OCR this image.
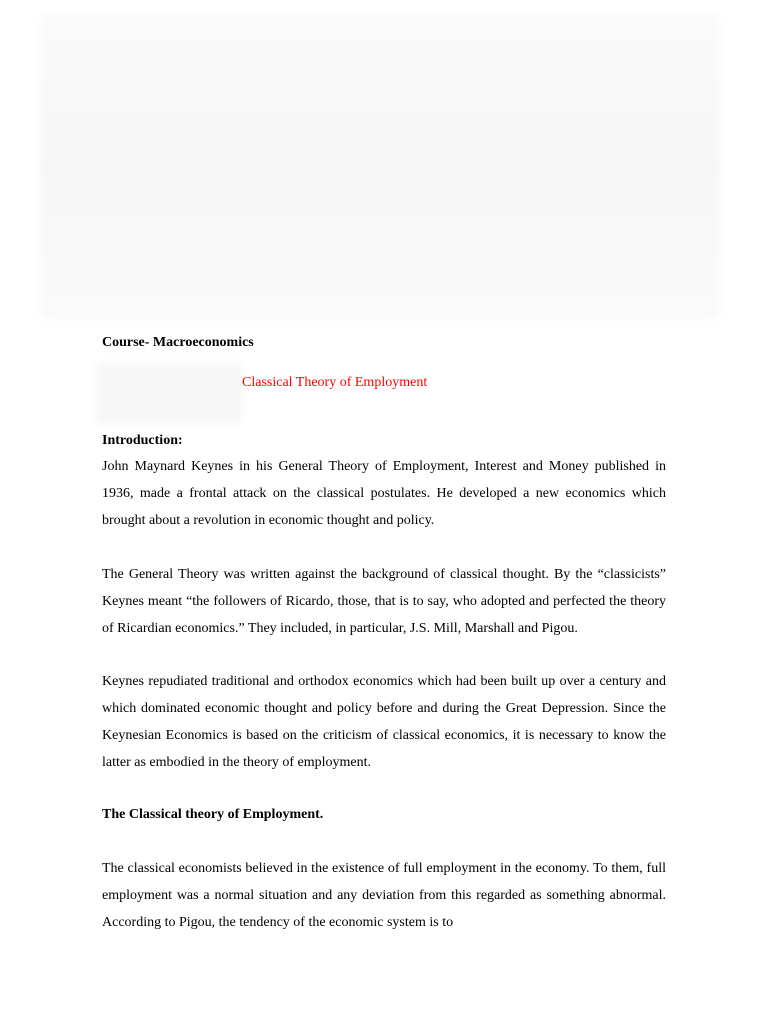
Course- Macroeconomics
Classical Theory of Employment
Introduction:
John Maynard Keynes in his General Theory of Employment, Interest and Money published in 1936, made a frontal attack on the classical postulates. He developed a new economics which brought about a revolution in economic thought and policy.
The General Theory was written against the background of classical thought. By the “classicists” Keynes meant “the followers of Ricardo, those, that is to say, who adopted and perfected the theory of Ricardian economics.” They included, in particular, J.S. Mill, Marshall and Pigou.
Keynes repudiated traditional and orthodox economics which had been built up over a century and which dominated economic thought and policy before and during the Great Depression. Since the Keynesian Economics is based on the criticism of classical economics, it is necessary to know the latter as embodied in the theory of employment.
The Classical theory of Employment.
The classical economists believed in the existence of full employment in the economy. To them, full employment was a normal situation and any deviation from this regarded as something abnormal. According to Pigou, the tendency of the economic system is to
